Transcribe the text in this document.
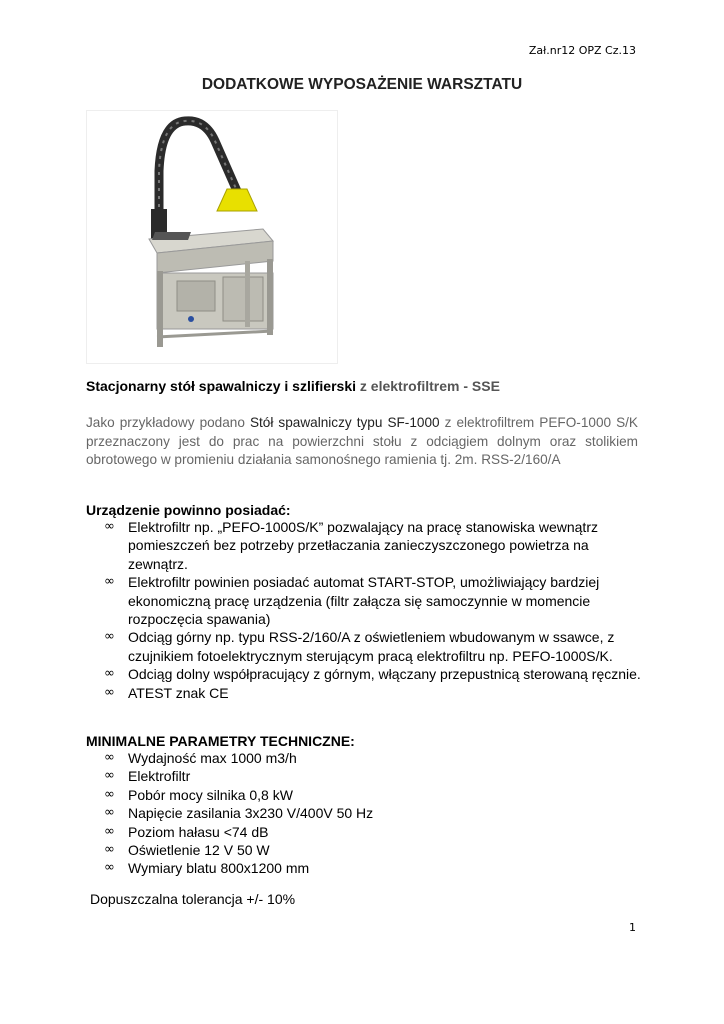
Zał.nr12 OPZ Cz.13
DODATKOWE WYPOSAŻENIE WARSZTATU
Stacjonarny stół spawalniczy i szlifierski z elektrofiltrem - SSE
Jako przykładowy podano Stół spawalniczy typu SF-1000 z elektrofiltrem PEFO-1000 S/K przeznaczony jest do prac na powierzchni stołu z odciągiem dolnym oraz stolikiem obrotowego w promieniu działania samonośnego ramienia tj. 2m. RSS-2/160/A
Urządzenie powinno posiadać:
∞ Elektrofiltr np. „PEFO-1000S/K” pozwalający na pracę stanowiska wewnątrz pomieszczeń bez potrzeby przetłaczania zanieczyszczonego powietrza na zewnątrz.
∞ Elektrofiltr powinien posiadać automat START-STOP, umożliwiający bardziej ekonomiczną pracę urządzenia (filtr załącza się samoczynnie w momencie rozpoczęcia spawania)
∞ Odciąg górny np. typu RSS-2/160/A z oświetleniem wbudowanym w ssawce, z czujnikiem fotoelektrycznym sterującym pracą elektrofiltru np. PEFO-1000S/K.
∞ Odciąg dolny współpracujący z górnym, włączany przepustnicą sterowaną ręcznie.
∞ ATEST znak CE
MINIMALNE PARAMETRY TECHNICZNE:
∞ Wydajność max 1000 m3/h
∞ Elektrofiltr
∞ Pobór mocy silnika 0,8 kW
∞ Napięcie zasilania 3x230 V/400V 50 Hz
∞ Poziom hałasu <74 dB
∞ Oświetlenie 12 V 50 W
∞ Wymiary blatu 800x1200 mm
Dopuszczalna tolerancja +/- 10%
1
